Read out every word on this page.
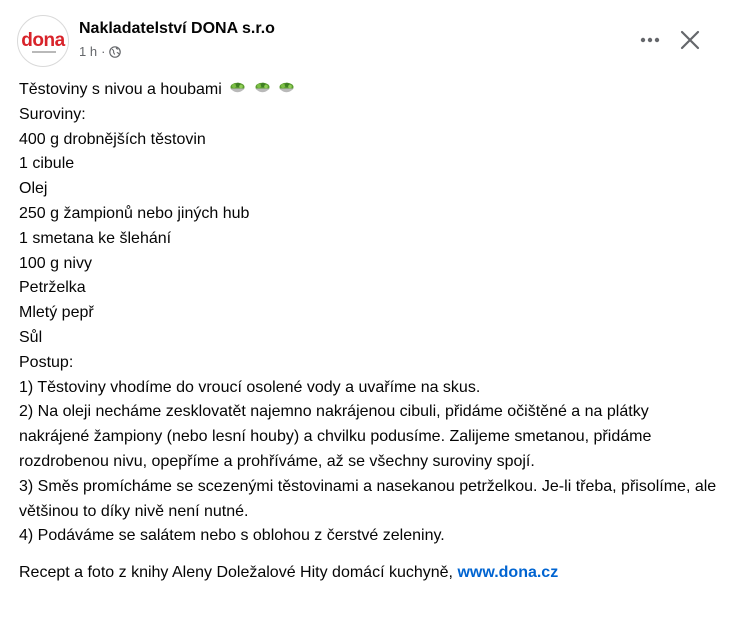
dona
Nakladatelství DONA s.r.o
1 h ·
Těstoviny s nivou a houbami
Suroviny:
400 g drobnějších těstovin
1 cibule
Olej
250 g žampionů nebo jiných hub
1 smetana ke šlehání
100 g nivy
Petrželka
Mletý pepř
Sůl
Postup:
1) Těstoviny vhodíme do vroucí osolené vody a uvaříme na skus.
2) Na oleji necháme zesklovatět najemno nakrájenou cibuli, přidáme očištěné a na plátky nakrájené žampiony (nebo lesní houby) a chvilku podusíme. Zalijeme smetanou, přidáme rozdrobenou nivu, opepříme a prohříváme, až se všechny suroviny spojí.
3) Směs promícháme se scezenými těstovinami a nasekanou petrželkou. Je-li třeba, přisolíme, ale většinou to díky nivě není nutné.
4) Podáváme se salátem nebo s oblohou z čerstvé zeleniny.
Recept a foto z knihy Aleny Doležalové Hity domácí kuchyně, www.dona.cz
